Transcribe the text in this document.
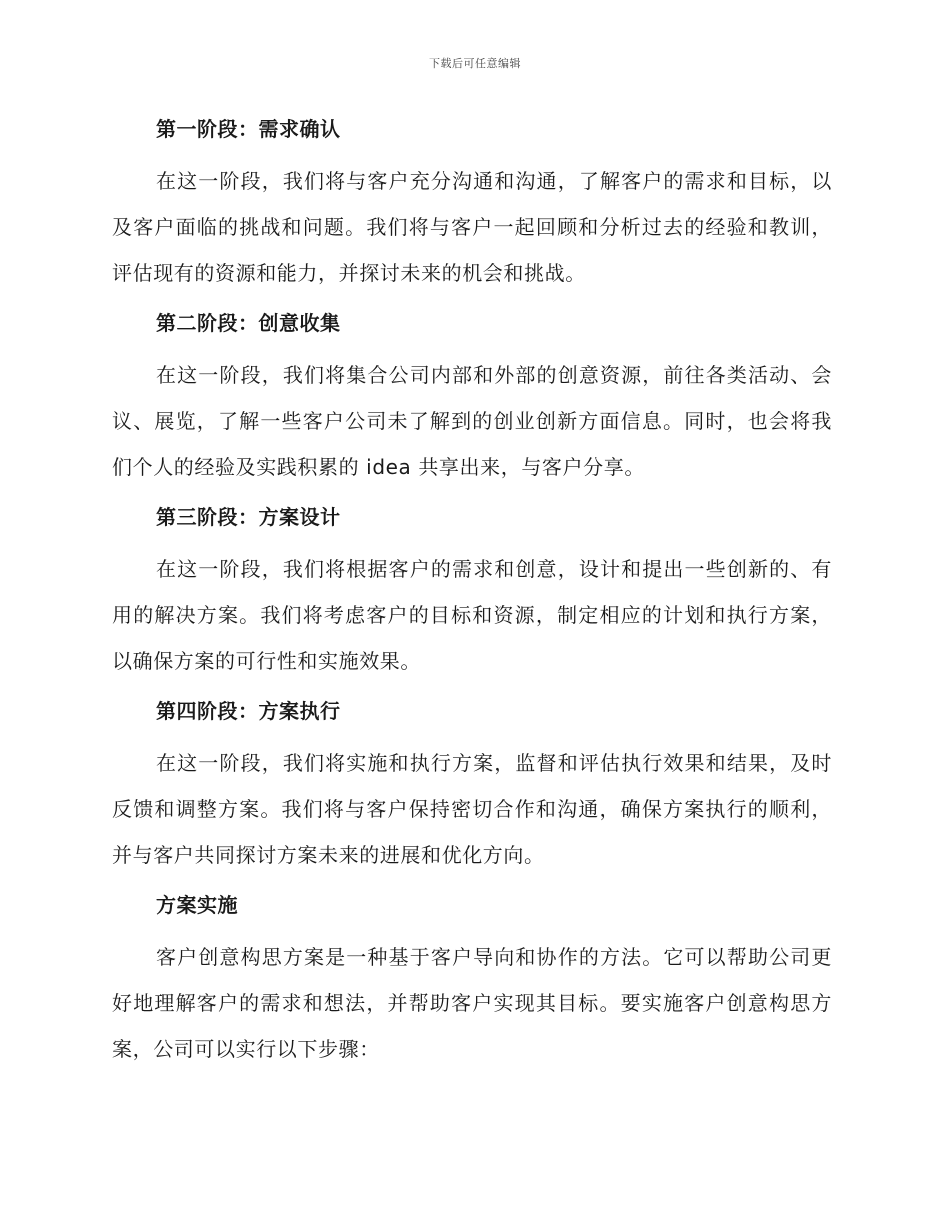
下载后可任意编辑
第一阶段：需求确认

在这一阶段，我们将与客户充分沟通和沟通，了解客户的需求和目标，以及客户面临的挑战和问题。我们将与客户一起回顾和分析过去的经验和教训，评估现有的资源和能力，并探讨未来的机会和挑战。

第二阶段：创意收集

在这一阶段，我们将集合公司内部和外部的创意资源，前往各类活动、会议、展览，了解一些客户公司未了解到的创业创新方面信息。同时，也会将我们个人的经验及实践积累的 idea 共享出来，与客户分享。

第三阶段：方案设计

在这一阶段，我们将根据客户的需求和创意，设计和提出一些创新的、有用的解决方案。我们将考虑客户的目标和资源，制定相应的计划和执行方案，以确保方案的可行性和实施效果。

第四阶段：方案执行

在这一阶段，我们将实施和执行方案，监督和评估执行效果和结果，及时反馈和调整方案。我们将与客户保持密切合作和沟通，确保方案执行的顺利，并与客户共同探讨方案未来的进展和优化方向。

方案实施

客户创意构思方案是一种基于客户导向和协作的方法。它可以帮助公司更好地理解客户的需求和想法，并帮助客户实现其目标。要实施客户创意构思方案，公司可以实行以下步骤：
